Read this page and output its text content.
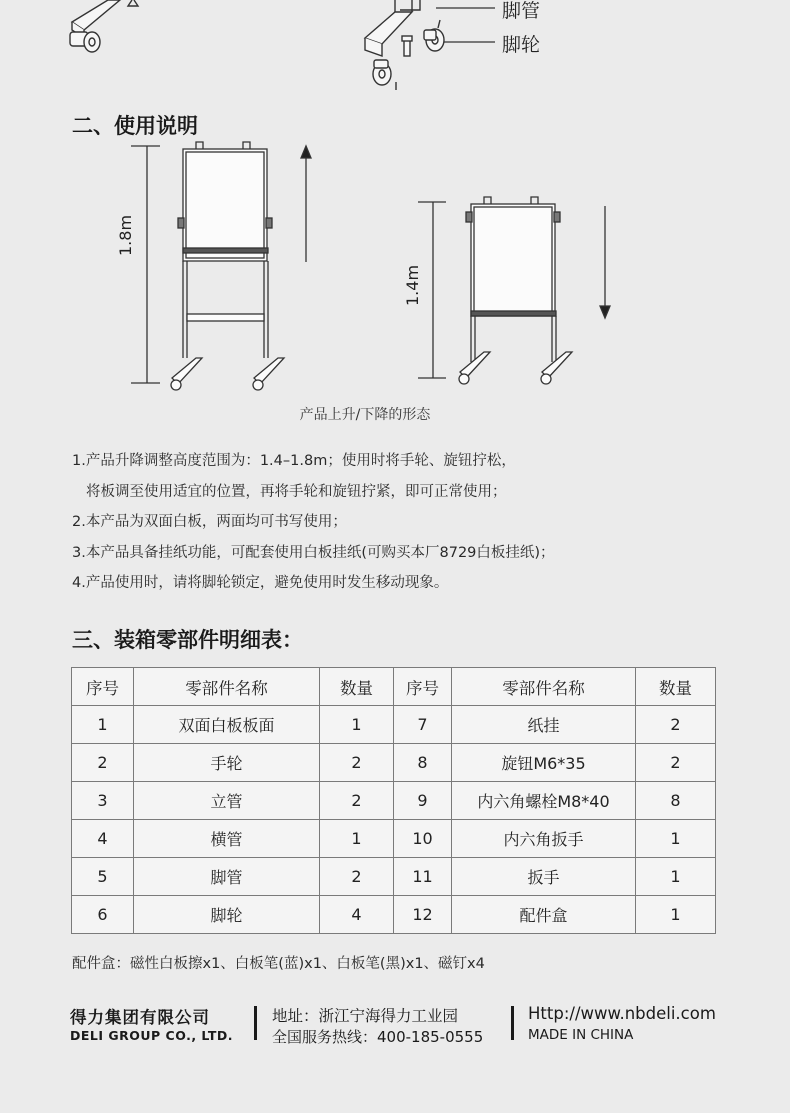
脚管
脚轮
二、使用说明
1.8m
1.4m
产品上升/下降的形态
1.产品升降调整高度范围为：1.4–1.8m；使用时将手轮、旋钮拧松，
将板调至使用适宜的位置，再将手轮和旋钮拧紧，即可正常使用；
2.本产品为双面白板，两面均可书写使用；
3.本产品具备挂纸功能，可配套使用白板挂纸(可购买本厂8729白板挂纸)；
4.产品使用时，请将脚轮锁定，避免使用时发生移动现象。
三、装箱零部件明细表：
序号	零部件名称	数量	序号	零部件名称	数量
1	双面白板板面	1	7	纸挂	2
2	手轮	2	8	旋钮M6*35	2
3	立管	2	9	内六角螺栓M8*40	8
4	横管	1	10	内六角扳手	1
5	脚管	2	11	扳手	1
6	脚轮	4	12	配件盒	1
配件盒：磁性白板擦x1、白板笔(蓝)x1、白板笔(黑)x1、磁钉x4
得力集团有限公司
DELI GROUP CO., LTD.
地址：浙江宁海得力工业园
全国服务热线：400-185-0555
Http://www.nbdeli.com
MADE IN CHINA
